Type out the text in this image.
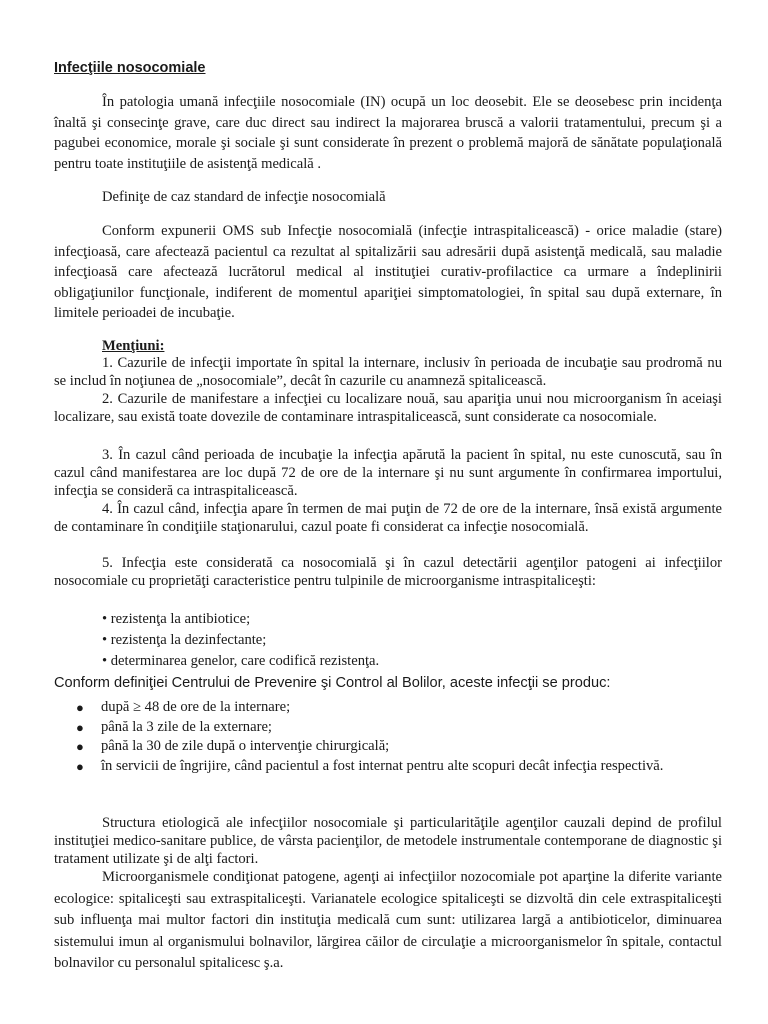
Infecţiile nosocomiale

În patologia umană infecţiile nosocomiale (IN) ocupă un loc deosebit. Ele se deosebesc prin incidenţa înaltă şi consecinţe grave, care duc direct sau indirect la majorarea bruscă a valorii tratamentului, precum şi a pagubei economice, morale şi sociale şi sunt considerate în prezent o problemă majoră de sănătate populaţională pentru toate instituţiile de asistenţă medicală .

Definiţe de caz standard de infecţie nosocomială

Conform expunerii OMS sub Infecţie nosocomială (infecţie intraspitalicească) - orice maladie (stare) infecţioasă, care afectează pacientul ca rezultat al spitalizării sau adresării după asistenţă medicală, sau maladie infecţioasă care afectează lucrătorul medical al instituţiei curativ-profilactice ca urmare a îndeplinirii obligaţiunilor funcţionale, indiferent de momentul apariţiei simptomatologiei, în spital sau după externare, în limitele perioadei de incubaţie.

Menţiuni:

1. Cazurile de infecţii importate în spital la internare, inclusiv în perioada de incubaţie sau prodromă nu se includ în noţiunea de „nosocomiale”, decât în cazurile cu anamneză spitalicească.

2. Cazurile de manifestare a infecţiei cu localizare nouă, sau apariţia unui nou microorganism în aceiaşi localizare, sau există toate dovezile de contaminare intraspitalicească, sunt considerate ca nosocomiale.

3. În cazul când perioada de incubaţie la infecţia apărută la pacient în spital, nu este cunoscută, sau în cazul când manifestarea are loc după 72 de ore de la internare şi nu sunt argumente în confirmarea importului, infecţia se consideră ca intraspitalicească.

4. În cazul când, infecţia apare în termen de mai puţin de 72 de ore de la internare, însă există argumente de contaminare în condiţiile staţionarului, cazul poate fi considerat ca infecţie nosocomială.

5. Infecţia este considerată ca nosocomială şi în cazul detectării agenţilor patogeni ai infecţiilor nosocomiale cu proprietăţi caracteristice pentru tulpinile de microorganisme intraspitaliceşti:

• rezistenţa la antibiotice;
• rezistenţa la dezinfectante;
• determinarea genelor, care codifică rezistenţa.
Conform definiţiei Centrului de Prevenire şi Control al Bolilor, aceste infecţii se produc:
● după ≥ 48 de ore de la internare;
● până la 3 zile de la externare;
● până la 30 de zile după o intervenţie chirurgicală;
● în servicii de îngrijire, când pacientul a fost internat pentru alte scopuri decât infecţia respectivă.

Structura etiologică ale infecţiilor nosocomiale şi particularităţile agenţilor cauzali depind de profilul instituţiei medico-sanitare publice, de vârsta pacienţilor, de metodele instrumentale contemporane de diagnostic şi tratament utilizate şi de alţi factori.

Microorganismele condiţionat patogene, agenţi ai infecţiilor nozocomiale pot aparţine la diferite variante ecologice: spitaliceşti sau extraspitaliceşti. Varianatele ecologice spitaliceşti se dizvoltă din cele extraspitaliceşti sub influenţa mai multor factori din instituţia medicală cum sunt: utilizarea largă a antibioticelor, diminuarea sistemului imun al organismului bolnavilor, lărgirea căilor de circulaţie a microorganismelor în spitale, contactul bolnavilor cu personalul spitalicesc ş.a.
